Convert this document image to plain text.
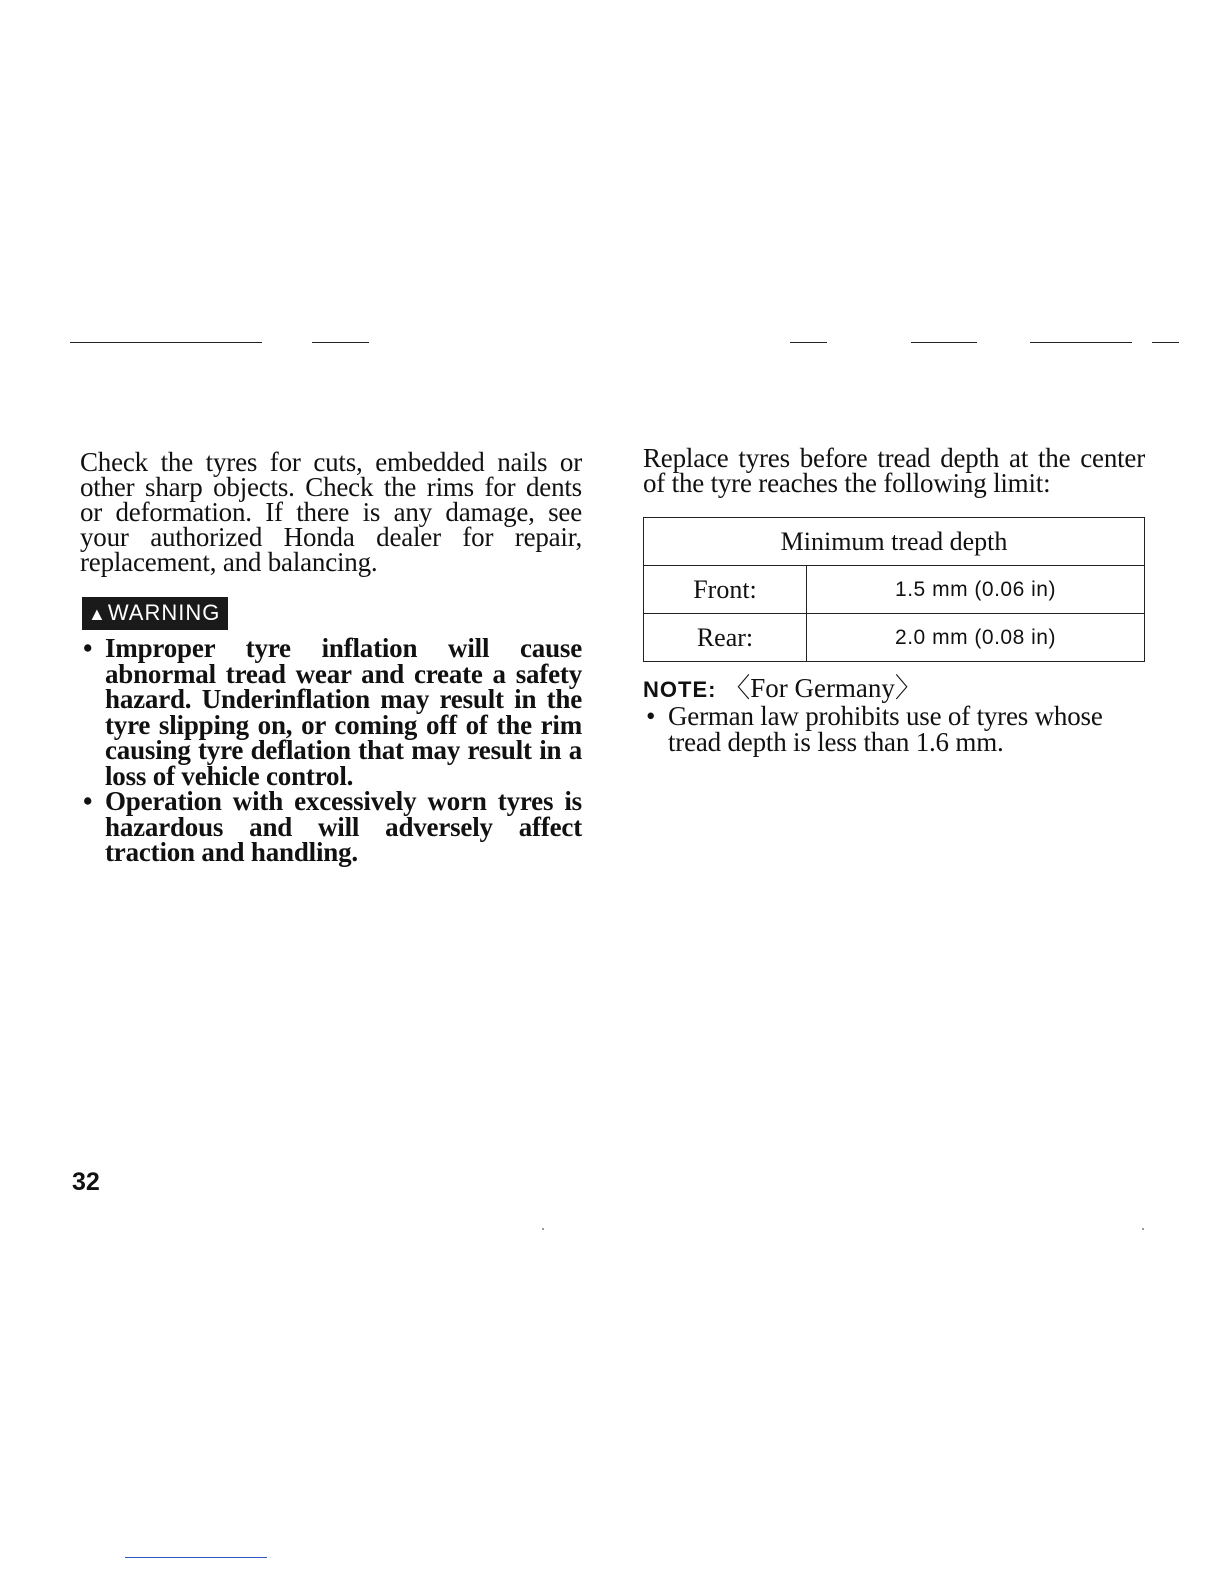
Check the tyres for cuts, embedded nails or other sharp objects. Check the rims for dents or deformation. If there is any damage, see your authorized Honda dealer for repair, replacement, and balancing.

▲WARNING
• Improper tyre inflation will cause abnormal tread wear and create a safety hazard. Underinflation may result in the tyre slipping on, or coming off of the rim causing tyre deflation that may result in a loss of vehicle control.
• Operation with excessively worn tyres is hazardous and will adversely affect traction and handling.

Replace tyres before tread depth at the center of the tyre reaches the following limit:

Minimum tread depth	
Front:	1.5 mm (0.06 in)
Rear:	2.0 mm (0.08 in)
NOTE: 〈For Germany〉
• German law prohibits use of tyres whose tread depth is less than 1.6 mm.
32
